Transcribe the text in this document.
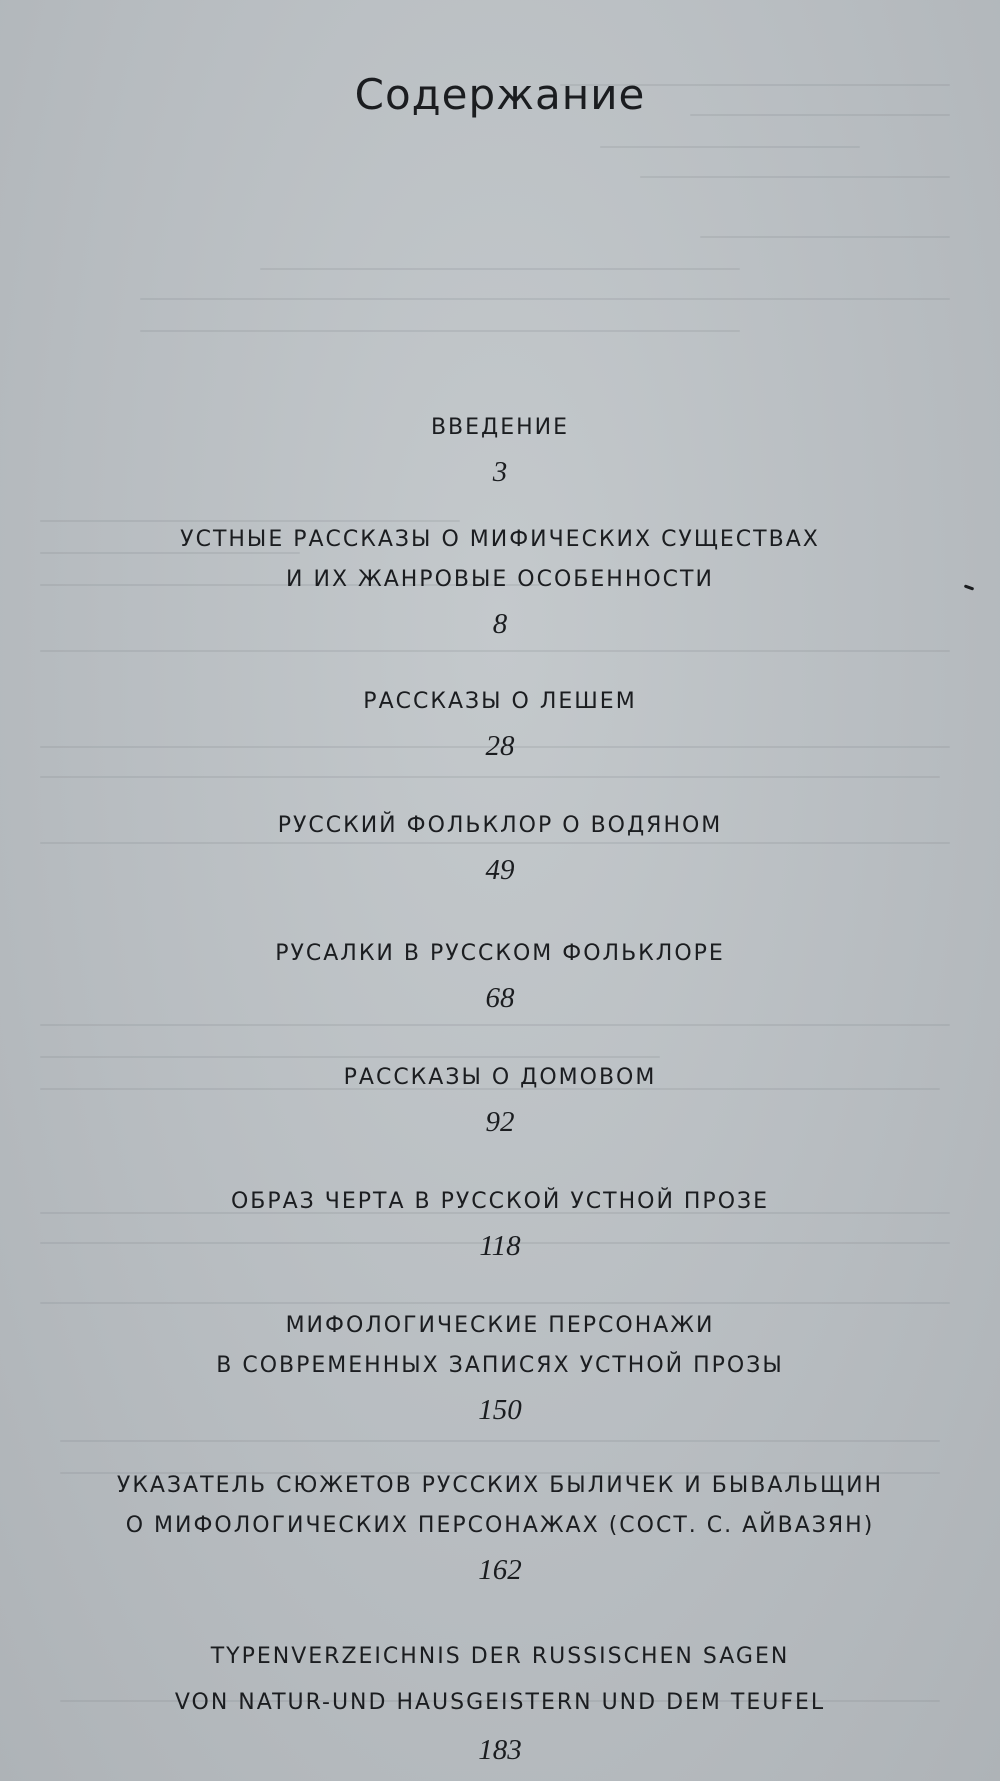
Содержание
ВВЕДЕНИЕ
3
УСТНЫЕ РАССКАЗЫ О МИФИЧЕСКИХ СУЩЕСТВАХ
И ИХ ЖАНРОВЫЕ ОСОБЕННОСТИ
8
РАССКАЗЫ О ЛЕШЕМ
28
РУССКИЙ ФОЛЬКЛОР О ВОДЯНОМ
49
РУСАЛКИ В РУССКОМ ФОЛЬКЛОРЕ
68
РАССКАЗЫ О ДОМОВОМ
92
ОБРАЗ ЧЕРТА В РУССКОЙ УСТНОЙ ПРОЗЕ
118
МИФОЛОГИЧЕСКИЕ ПЕРСОНАЖИ
В СОВРЕМЕННЫХ ЗАПИСЯХ УСТНОЙ ПРОЗЫ
150
УКАЗАТЕЛЬ СЮЖЕТОВ РУССКИХ БЫЛИЧЕК И БЫВАЛЬЩИН
О МИФОЛОГИЧЕСКИХ ПЕРСОНАЖАХ (СОСТ. С. АЙВАЗЯН)
162
TYPENVERZEICHNIS DER RUSSISCHEN SAGEN
VON NATUR-UND HAUSGEISTERN UND DEM TEUFEL
183
